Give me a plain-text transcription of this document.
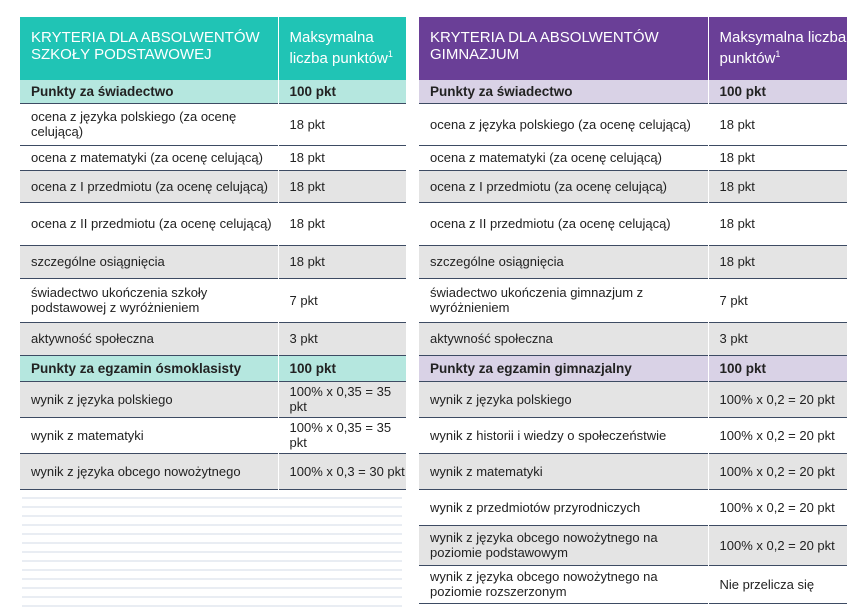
KRYTERIA DLA ABSOLWENTÓW SZKOŁY PODSTAWOWEJ	Maksymalna liczba punktów$^1$
Punkty za świadectwo	100 pkt
ocena z języka polskiego (za ocenę celującą)	18 pkt
ocena z matematyki (za ocenę celującą)	18 pkt
ocena z I przedmiotu (za ocenę celującą)	18 pkt
ocena z II przedmiotu (za ocenę celującą)	18 pkt
szczególne osiągnięcia	18 pkt
świadectwo ukończenia szkoły podstawowej z wyróżnieniem	7 pkt
aktywność społeczna	3 pkt
Punkty za egzamin ósmoklasisty	100 pkt
wynik z języka polskiego	100% x 0,35 = 35 pkt
wynik z matematyki	100% x 0,35 = 35 pkt
wynik z języka obcego nowożytnego	100% x 0,3 = 30 pkt
KRYTERIA DLA ABSOLWENTÓW GIMNAZJUM	Maksymalna liczba punktów$^1$
Punkty za świadectwo	100 pkt
ocena z języka polskiego (za ocenę celującą)	18 pkt
ocena z matematyki (za ocenę celującą)	18 pkt
ocena z I przedmiotu (za ocenę celującą)	18 pkt
ocena z II przedmiotu (za ocenę celującą)	18 pkt
szczególne osiągnięcia	18 pkt
świadectwo ukończenia gimnazjum z wyróżnieniem	7 pkt
aktywność społeczna	3 pkt
Punkty za egzamin gimnazjalny	100 pkt
wynik z języka polskiego	100% x 0,2 = 20 pkt
wynik z historii i wiedzy o społeczeństwie	100% x 0,2 = 20 pkt
wynik z matematyki	100% x 0,2 = 20 pkt
wynik z przedmiotów przyrodniczych	100% x 0,2 = 20 pkt
wynik z języka obcego nowożytnego na poziomie podstawowym	100% x 0,2 = 20 pkt
wynik z języka obcego nowożytnego na poziomie rozszerzonym	Nie przelicza się
